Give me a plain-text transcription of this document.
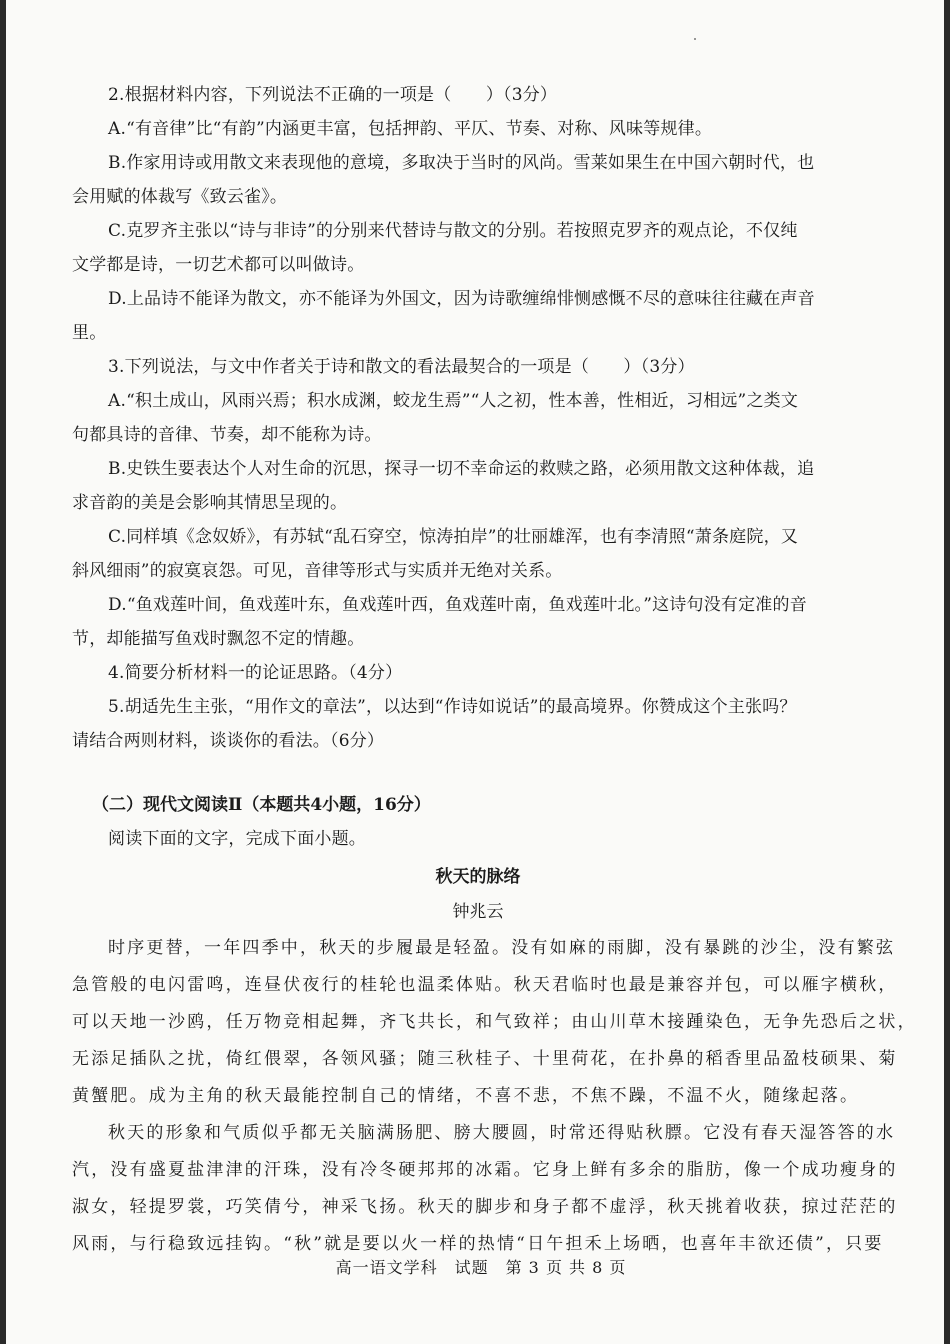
2.根据材料内容，下列说法不正确的一项是（　　）（3分）
A.“有音律”比“有韵”内涵更丰富，包括押韵、平仄、节奏、对称、风味等规律。
B.作家用诗或用散文来表现他的意境，多取决于当时的风尚。雪莱如果生在中国六朝时代，也
会用赋的体裁写《致云雀》。
C.克罗齐主张以“诗与非诗”的分别来代替诗与散文的分别。若按照克罗齐的观点论，不仅纯
文学都是诗，一切艺术都可以叫做诗。
D.上品诗不能译为散文，亦不能译为外国文，因为诗歌缠绵悱恻感慨不尽的意味往往藏在声音
里。
3.下列说法，与文中作者关于诗和散文的看法最契合的一项是（　　）（3分）
A.“积土成山，风雨兴焉；积水成渊，蛟龙生焉”“人之初，性本善，性相近，习相远”之类文
句都具诗的音律、节奏，却不能称为诗。
B.史铁生要表达个人对生命的沉思，探寻一切不幸命运的救赎之路，必须用散文这种体裁，追
求音韵的美是会影响其情思呈现的。
C.同样填《念奴娇》，有苏轼“乱石穿空，惊涛拍岸”的壮丽雄浑，也有李清照“萧条庭院，又
斜风细雨”的寂寞哀怨。可见，音律等形式与实质并无绝对关系。
D.“鱼戏莲叶间，鱼戏莲叶东，鱼戏莲叶西，鱼戏莲叶南，鱼戏莲叶北。”这诗句没有定准的音
节，却能描写鱼戏时飘忽不定的情趣。
4.简要分析材料一的论证思路。（4分）
5.胡适先生主张，“用作文的章法”，以达到“作诗如说话”的最高境界。你赞成这个主张吗？
请结合两则材料，谈谈你的看法。（6分）
（二）现代文阅读Ⅱ（本题共4小题，16分）
阅读下面的文字，完成下面小题。
秋天的脉络
钟兆云
时序更替，一年四季中，秋天的步履最是轻盈。没有如麻的雨脚，没有暴跳的沙尘，没有繁弦
急管般的电闪雷鸣，连昼伏夜行的桂轮也温柔体贴。秋天君临时也最是兼容并包，可以雁字横秋，
可以天地一沙鸥，任万物竞相起舞，齐飞共长，和气致祥；由山川草木接踵染色，无争先恐后之状，
无添足插队之扰，倚红偎翠，各领风骚；随三秋桂子、十里荷花，在扑鼻的稻香里品盈枝硕果、菊
黄蟹肥。成为主角的秋天最能控制自己的情绪，不喜不悲，不焦不躁，不温不火，随缘起落。
秋天的形象和气质似乎都无关脑满肠肥、膀大腰圆，时常还得贴秋膘。它没有春天湿答答的水
汽，没有盛夏盐津津的汗珠，没有冷冬硬邦邦的冰霜。它身上鲜有多余的脂肪，像一个成功瘦身的
淑女，轻提罗裳，巧笑倩兮，神采飞扬。秋天的脚步和身子都不虚浮，秋天挑着收获，掠过茫茫的
风雨，与行稳致远挂钩。“秋”就是要以火一样的热情“日午担禾上场晒，也喜年丰欲还债”，只要
高一语文学科　试题　第 3 页 共 8 页
